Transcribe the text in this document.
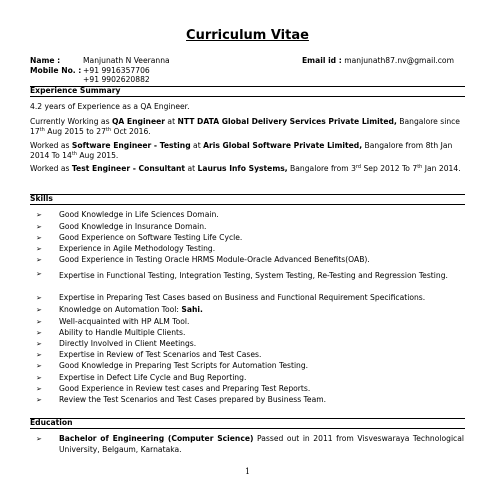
Curriculum Vitae
Name :	Manjunath N Veeranna
Mobile No. : +91 9916357706
+91 9902620882
Email id : manjunath87.nv@gmail.com
Experience Summary
4.2 years of Experience as a QA Engineer.
Currently Working as QA Engineer at NTT DATA Global Delivery Services Private Limited, Bangalore since 17th Aug 2015 to 27th Oct 2016.
Worked as Software Engineer - Testing at Aris Global Software Private Limited, Bangalore from 8th Jan 2014 To 14th Aug 2015.
Worked as Test Engineer - Consultant at Laurus Info Systems, Bangalore from 3rd Sep 2012 To 7th Jan 2014.
Skills
➢ Good Knowledge in Life Sciences Domain.
➢ Good Knowledge in Insurance Domain.
➢ Good Experience on Software Testing Life Cycle.
➢ Experience in Agile Methodology Testing.
➢ Good Experience in Testing Oracle HRMS Module-Oracle Advanced Benefits(OAB).
➢ Expertise in Functional Testing, Integration Testing, System Testing, Re-Testing and Regression Testing.
➢ Expertise in Preparing Test Cases based on Business and Functional Requirement Specifications.
➢ Knowledge on Automation Tool: Sahi.
➢ Well-acquainted with HP ALM Tool.
➢ Ability to Handle Multiple Clients.
➢ Directly Involved in Client Meetings.
➢ Expertise in Review of Test Scenarios and Test Cases.
➢ Good Knowledge in Preparing Test Scripts for Automation Testing.
➢ Expertise in Defect Life Cycle and Bug Reporting.
➢ Good Experience in Review test cases and Preparing Test Reports.
➢ Review the Test Scenarios and Test Cases prepared by Business Team.
Education
➢ Bachelor of Engineering (Computer Science) Passed out in 2011 from Visveswaraya Technological University, Belgaum, Karnataka.
1
